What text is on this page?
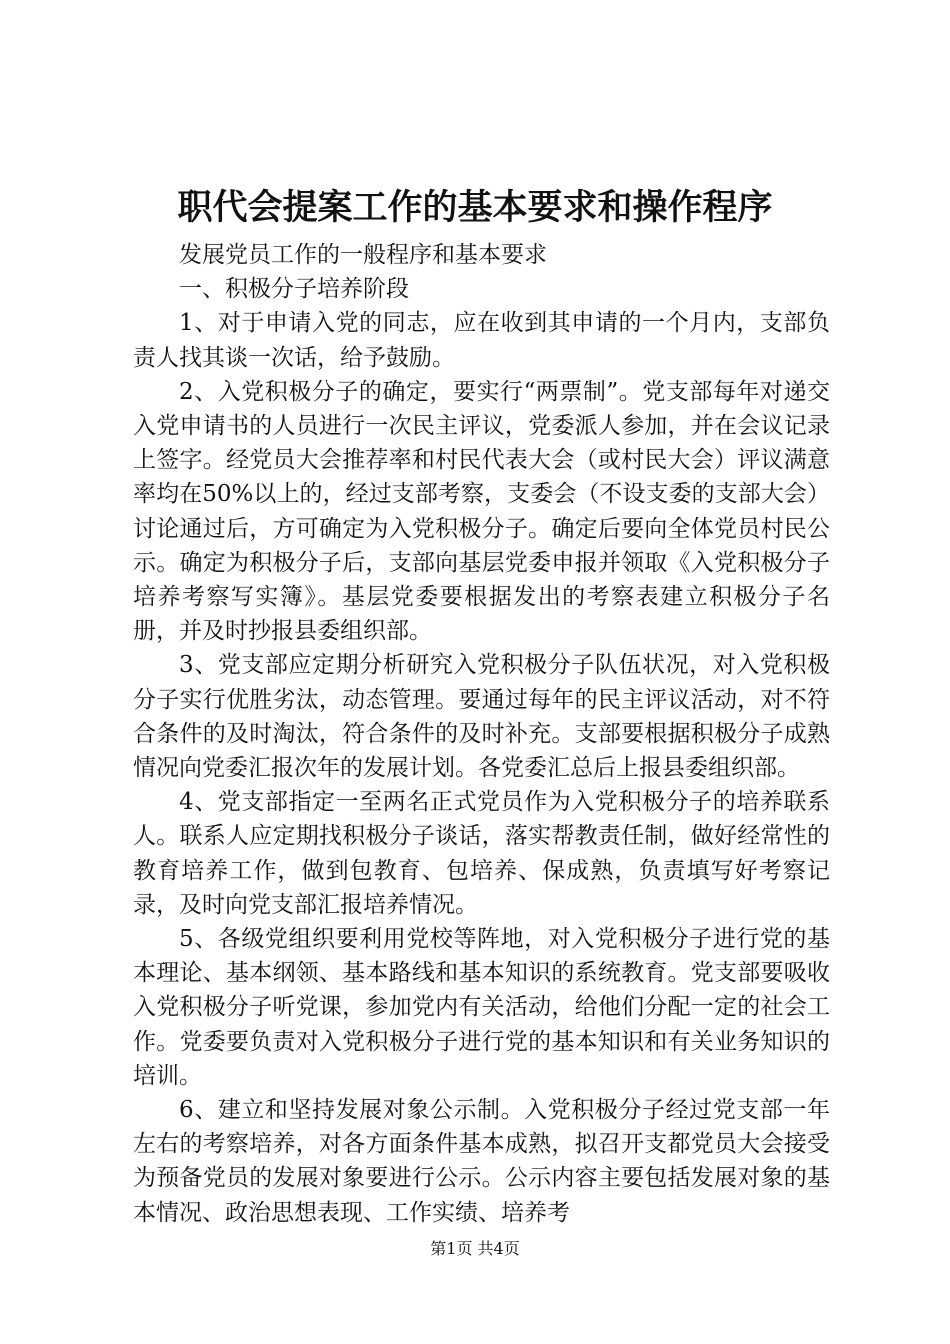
职代会提案工作的基本要求和操作程序

发展党员工作的一般程序和基本要求

一、积极分子培养阶段

1、对于申请入党的同志，应在收到其申请的一个月内，支部负责人找其谈一次话，给予鼓励。

2、入党积极分子的确定，要实行“两票制”。党支部每年对递交入党申请书的人员进行一次民主评议，党委派人参加，并在会议记录上签字。经党员大会推荐率和村民代表大会（或村民大会）评议满意率均在50%以上的，经过支部考察，支委会（不设支委的支部大会）讨论通过后，方可确定为入党积极分子。确定后要向全体党员村民公示。确定为积极分子后，支部向基层党委申报并领取《入党积极分子培养考察写实簿》。基层党委要根据发出的考察表建立积极分子名册，并及时抄报县委组织部。

3、党支部应定期分析研究入党积极分子队伍状况，对入党积极分子实行优胜劣汰，动态管理。要通过每年的民主评议活动，对不符合条件的及时淘汰，符合条件的及时补充。支部要根据积极分子成熟情况向党委汇报次年的发展计划。各党委汇总后上报县委组织部。

4、党支部指定一至两名正式党员作为入党积极分子的培养联系人。联系人应定期找积极分子谈话，落实帮教责任制，做好经常性的教育培养工作，做到包教育、包培养、保成熟，负责填写好考察记录，及时向党支部汇报培养情况。

5、各级党组织要利用党校等阵地，对入党积极分子进行党的基本理论、基本纲领、基本路线和基本知识的系统教育。党支部要吸收入党积极分子听党课，参加党内有关活动，给他们分配一定的社会工作。党委要负责对入党积极分子进行党的基本知识和有关业务知识的培训。

6、建立和坚持发展对象公示制。入党积极分子经过党支部一年左右的考察培养，对各方面条件基本成熟，拟召开支都党员大会接受为预备党员的发展对象要进行公示。公示内容主要包括发展对象的基本情况、政治思想表现、工作实绩、培养考

第1页 共4页
